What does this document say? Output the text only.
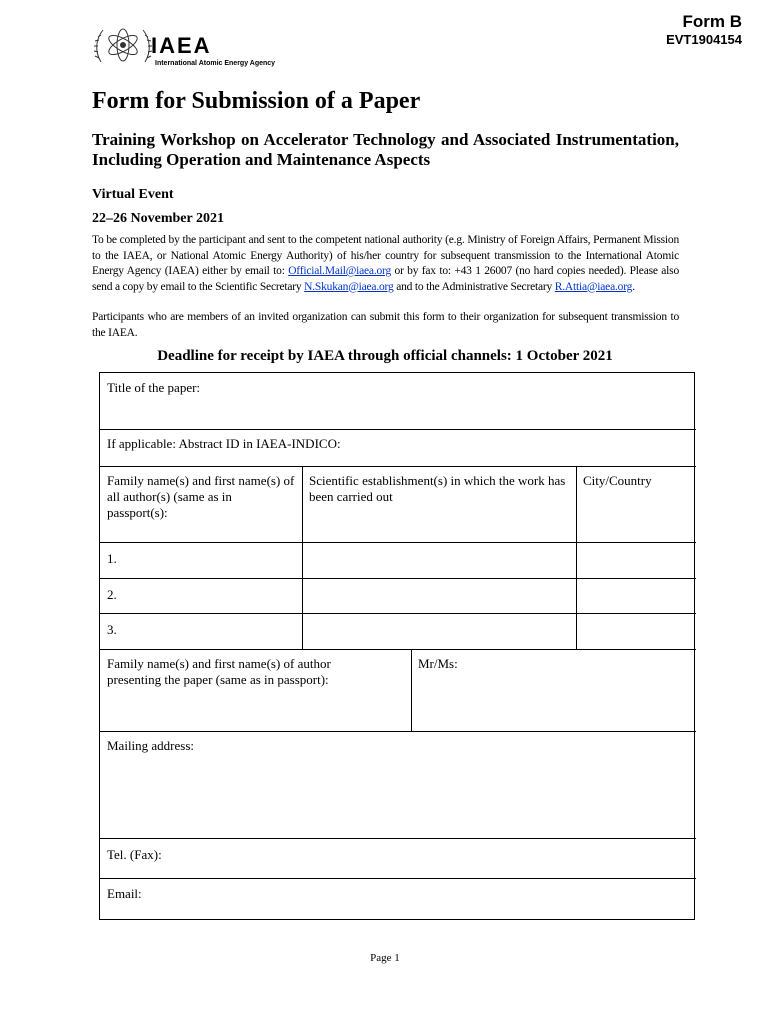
IAEA
International Atomic Energy Agency
Form B
EVT1904154
Form for Submission of a Paper
Training Workshop on Accelerator Technology and Associated Instrumentation, Including Operation and Maintenance Aspects
Virtual Event
22–26 November 2021
To be completed by the participant and sent to the competent national authority (e.g. Ministry of Foreign Affairs, Permanent Mission to the IAEA, or National Atomic Energy Authority) of his/her country for subsequent transmission to the International Atomic Energy Agency (IAEA) either by email to: Official.Mail@iaea.org or by fax to: +43 1 26007 (no hard copies needed). Please also send a copy by email to the Scientific Secretary N.Skukan@iaea.org and to the Administrative Secretary R.Attia@iaea.org.
Participants who are members of an invited organization can submit this form to their organization for subsequent transmission to the IAEA.
Deadline for receipt by IAEA through official channels: 1 October 2021
Title of the paper:
If applicable: Abstract ID in IAEA-INDICO:
Family name(s) and first name(s) of all author(s) (same as in passport(s):
Scientific establishment(s) in which the work has been carried out
City/Country
1.
2.
3.
Family name(s) and first name(s) of author presenting the paper (same as in passport):
Mr/Ms:
Mailing address:
Tel. (Fax):
Email:
Page 1
